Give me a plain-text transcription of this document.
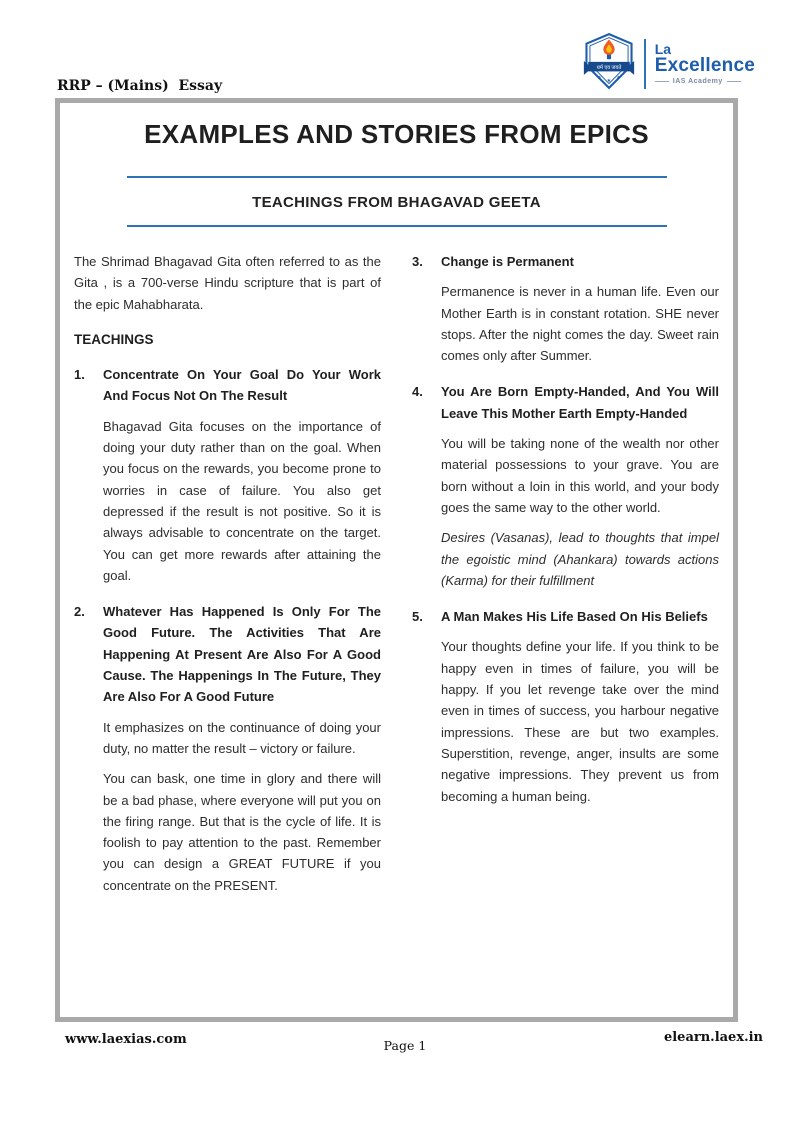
RRP – (Mains)  Essay
धर्म एव जयते
★ ★ ★
La
Excellence
IAS Academy
EXAMPLES AND STORIES FROM EPICS
TEACHINGS FROM BHAGAVAD GEETA

The Shrimad Bhagavad Gita often referred to as the Gita , is a 700-verse Hindu scripture that is part of the epic Mahabharata.

TEACHINGS
1.	Concentrate On Your Goal Do Your Work And Focus Not On The Result

Bhagavad Gita focuses on the importance of doing your duty rather than on the goal. When you focus on the rewards, you become prone to worries in case of failure. You also get depressed if the result is not positive. So it is always advisable to concentrate on the target. You can get more rewards after attaining the goal.

2.	Whatever Has Happened Is Only For The Good Future. The Activities That Are Happening At Present Are Also For A Good Cause. The Happenings In The Future, They Are Also For A Good Future

It emphasizes on the continuance of doing your duty, no matter the result – victory or failure.

You can bask, one time in glory and there will be a bad phase, where everyone will put you on the firing range. But that is the cycle of life. It is foolish to pay attention to the past. Remember you can design a GREAT FUTURE if you concentrate on the PRESENT.

3.	Change is Permanent

Permanence is never in a human life. Even our Mother Earth is in constant rotation. SHE never stops. After the night comes the day. Sweet rain comes only after Summer.

4.	You Are Born Empty-Handed, And You Will Leave This Mother Earth Empty-Handed

You will be taking none of the wealth nor other material possessions to your grave. You are born without a loin in this world, and your body goes the same way to the other world.

Desires (Vasanas), lead to thoughts that impel the egoistic mind (Ahankara) towards actions (Karma) for their fulfillment

5.	A Man Makes His Life Based On His Beliefs

Your thoughts define your life. If you think to be happy even in times of failure, you will be happy. If you let revenge take over the mind even in times of success, you harbour negative impressions. These are but two examples. Superstition, revenge, anger, insults are some negative impressions. They prevent us from becoming a human being.

www.laexias.com	Page 1
elearn.laex.in
